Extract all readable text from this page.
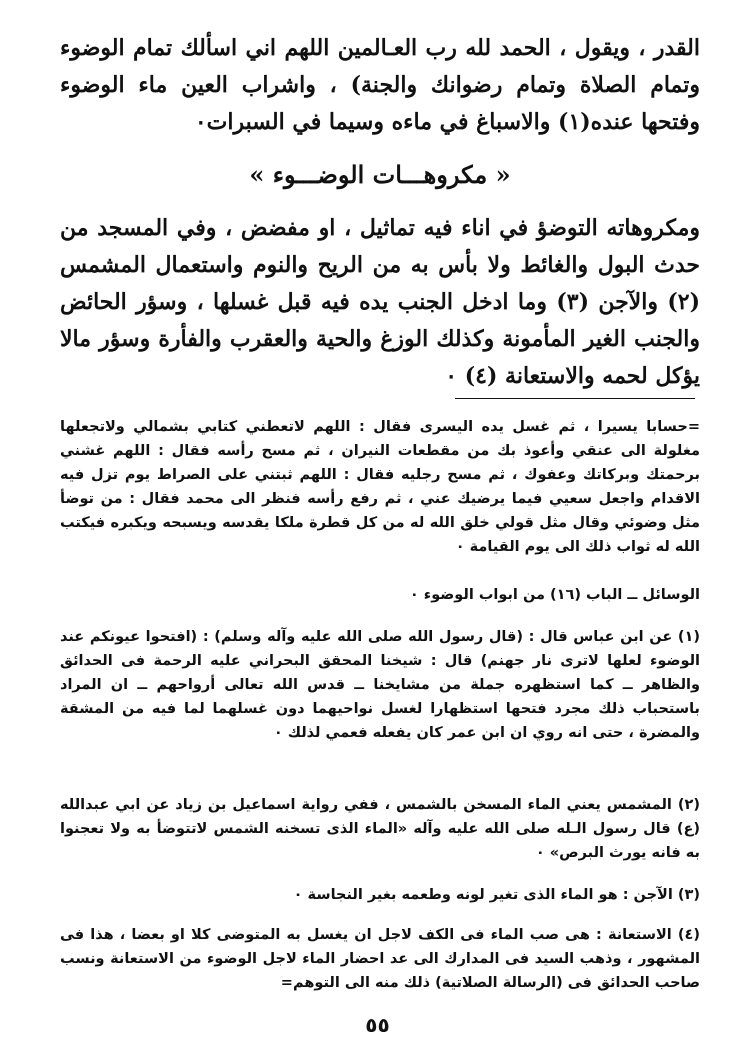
القدر ، ويقول ، الحمد لله رب العـالمين اللهم اني اسألك تمام الوضوء وتمام الصلاة وتمام رضوانك والجنة) ، واشراب العين ماء الوضوء وفتحها عنده(١) والاسباغ في ماءه وسيما في السبرات٠

« مكروهـــات الوضـــوء »

ومكروهاته التوضؤ في اناء فيه تماثيل ، او مفضض ، وفي المسجد من حدث البول والغائط ولا بأس به من الريح والنوم واستعمال المشمس (٢) والآجن (٣) وما ادخل الجنب يده فيه قبل غسلها ، وسؤر الحائض والجنب الغير المأمونة وكذلك الوزغ والحية والعقرب والفأرة وسؤر مالا يؤكل لحمه والاستعانة (٤) ٠

=حسابا يسيرا ، ثم غسل يده اليسرى فقال : اللهم لاتعطني كتابي بشمالي ولاتجعلها مغلولة الى عنقي وأعوذ بك من مقطعات النيران ، ثم مسح رأسه فقال : اللهم غشني برحمتك وبركاتك وعفوك ، ثم مسح رجليه فقال : اللهم ثبتني على الصراط يوم تزل فيه الاقدام واجعل سعيي فيما يرضيك عني ، ثم رفع رأسه فنظر الى محمد فقال : من توضأ مثل وضوئي وقال مثل قولي خلق الله له من كل قطرة ملكا يقدسه ويسبحه ويكبره فيكتب الله له ثواب ذلك الى يوم القيامة ٠

الوسائل ــ الباب (١٦) من ابواب الوضوء ٠

(١) عن ابن عباس قال : (قال رسول الله صلى الله عليه وآله وسلم) : (افتحوا عيونكم عند الوضوء لعلها لاترى نار جهنم) قال : شيخنا المحقق البحراني عليه الرحمة فى الحدائق والظاهر ــ كما استظهره جملة من مشايخنا ــ قدس الله تعالى أرواحهم ــ ان المراد باستحباب ذلك مجرد فتحها استظهارا لغسل نواحيهما دون غسلهما لما فيه من المشقة والمضرة ، حتى انه روي ان ابن عمر كان يفعله فعمي لذلك ٠

(٢) المشمس يعني الماء المسخن بالشمس ، ففي رواية اسماعيل بن زياد عن ابي عبدالله (ع) قال رسول الـله صلى الله عليه وآله «الماء الذى تسخنه الشمس لاتتوضأ به ولا تعجنوا به فانه يورث البرص» ٠

(٣) الآجن : هو الماء الذى تغير لونه وطعمه بغير النجاسة ٠

(٤) الاستعانة : هى صب الماء فى الكف لاجل ان يغسل به المتوضى كلا او بعضا ، هذا فى المشهور ، وذهب السيد فى المدارك الى عد احضار الماء لاجل الوضوء من الاستعانة ونسب صاحب الحدائق فى (الرسالة الصلاتية) ذلك منه الى التوهم=

٥٥
